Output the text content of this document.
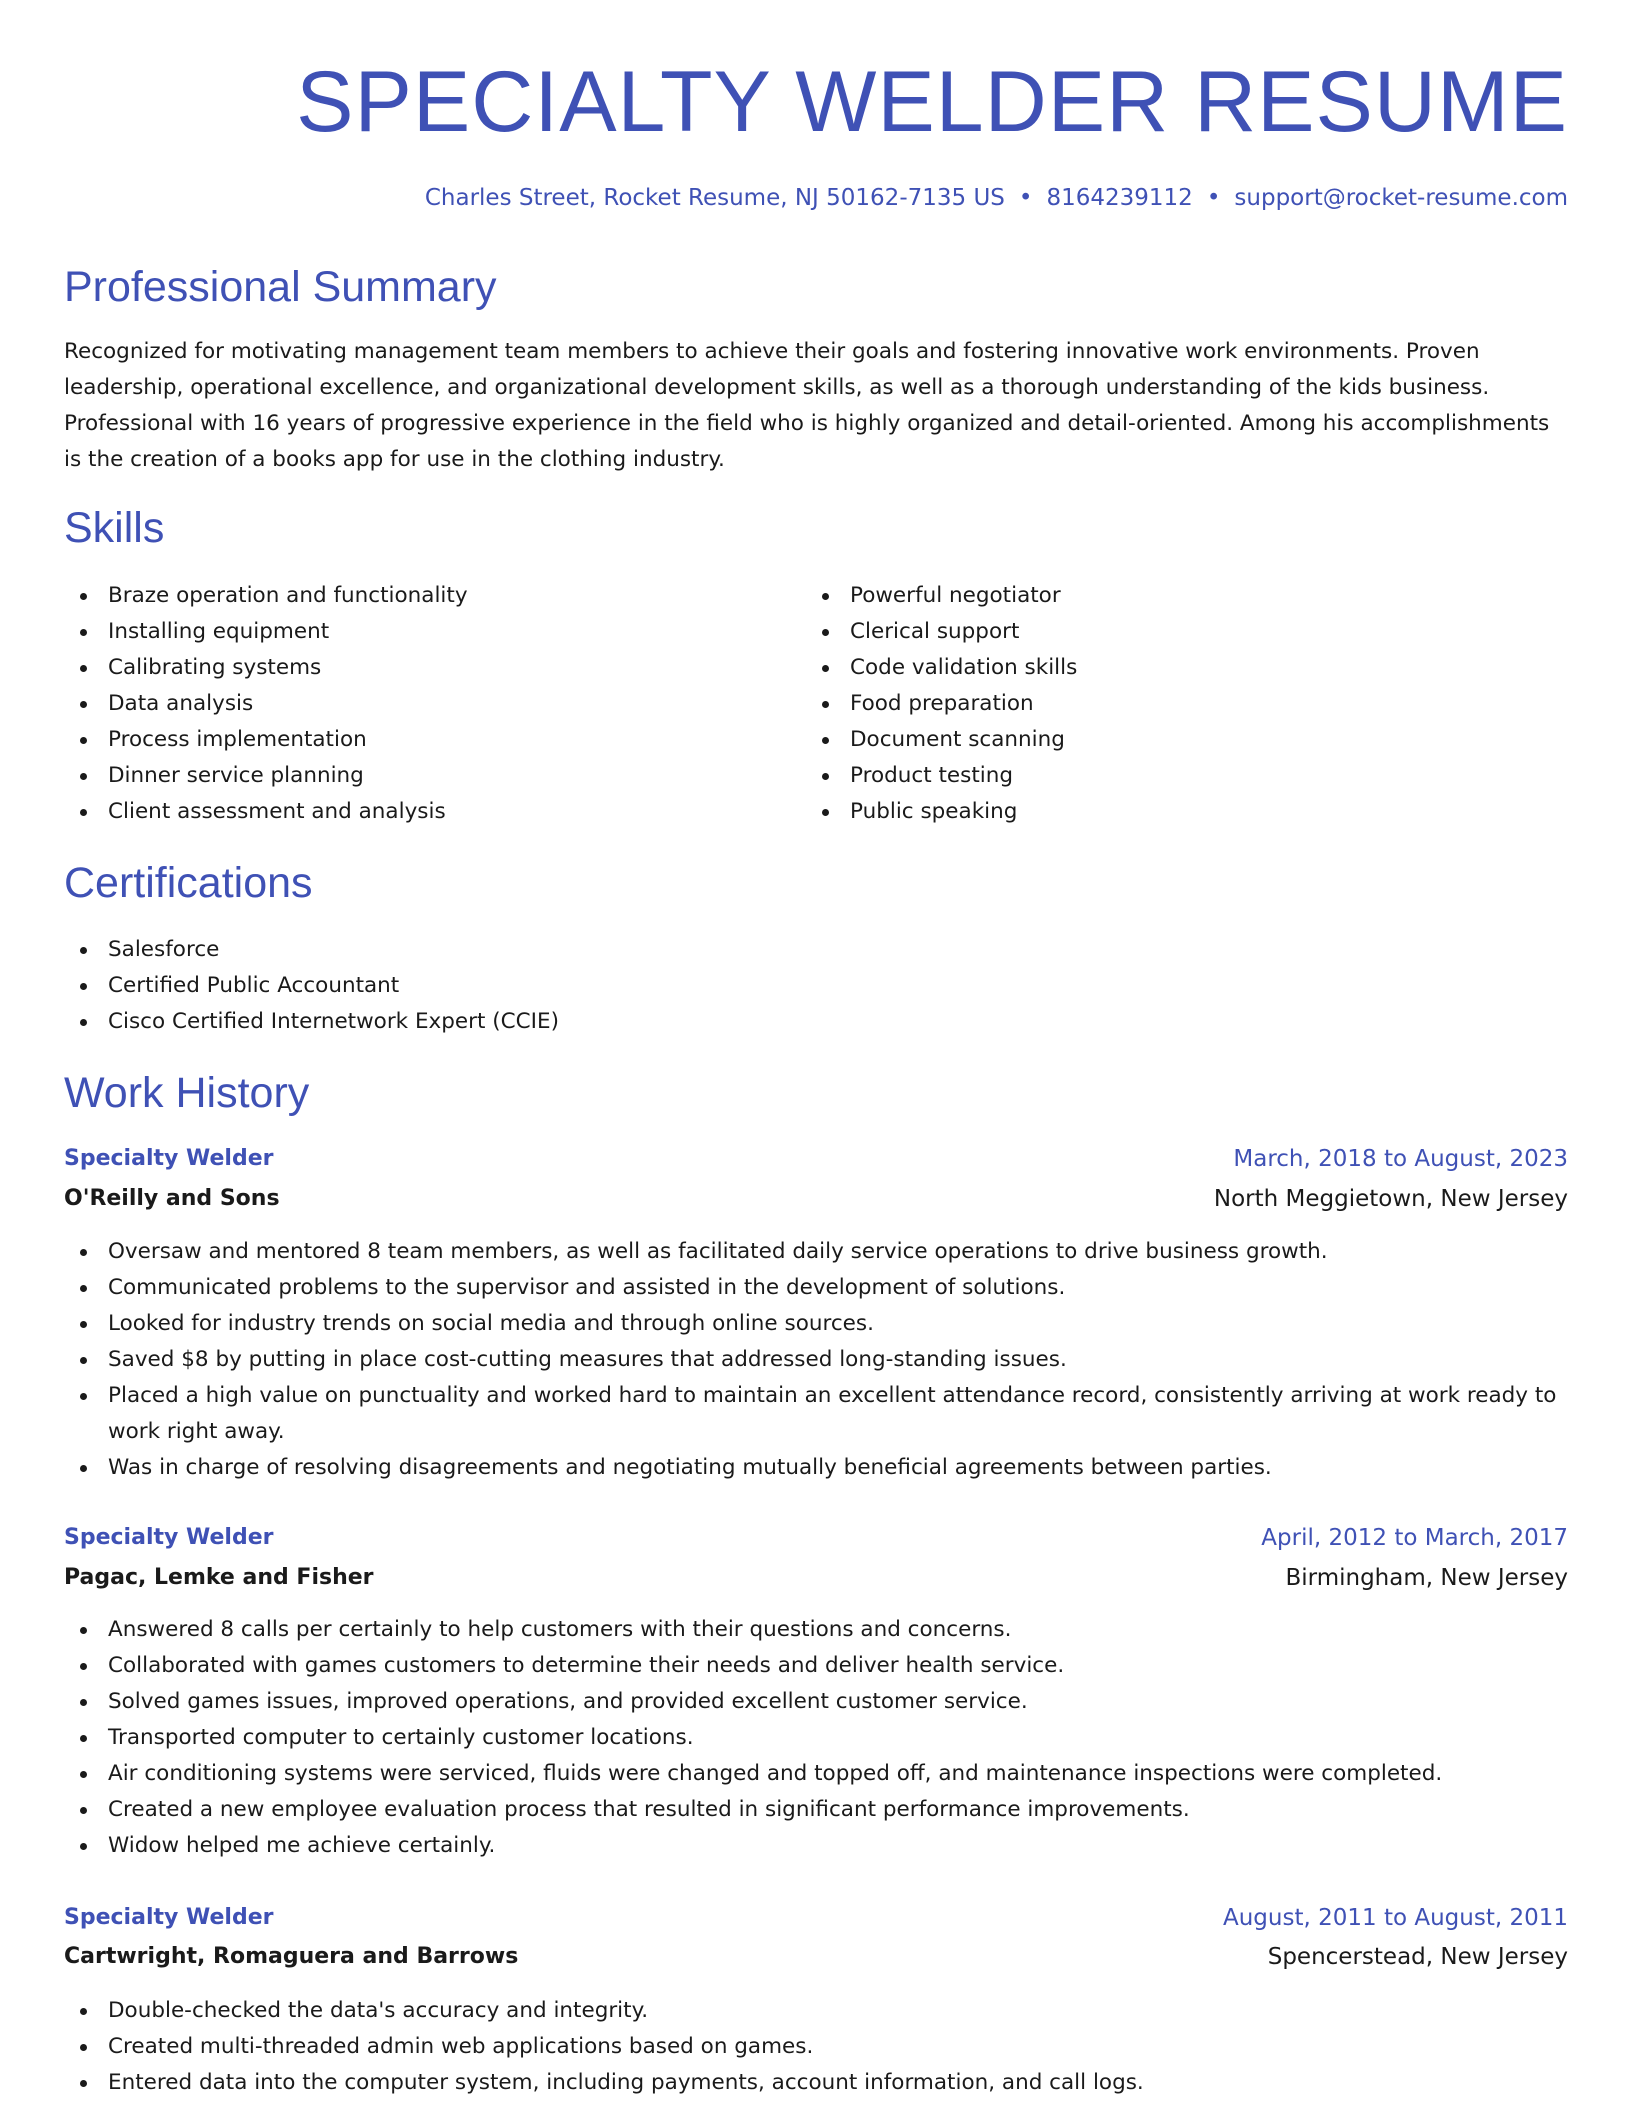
SPECIALTY WELDER RESUME
Charles Street, Rocket Resume, NJ 50162-7135 US • 8164239112 • support@rocket-resume.com
Professional Summary

Recognized for motivating management team members to achieve their goals and fostering innovative work environments. Proven leadership, operational excellence, and organizational development skills, as well as a thorough understanding of the kids business. Professional with 16 years of progressive experience in the field who is highly organized and detail-oriented. Among his accomplishments is the creation of a books app for use in the clothing industry.

Skills
Braze operation and functionality
Installing equipment
Calibrating systems
Data analysis
Process implementation
Dinner service planning
Client assessment and analysis
Powerful negotiator
Clerical support
Code validation skills
Food preparation
Document scanning
Product testing
Public speaking
Certifications
Salesforce
Certified Public Accountant
Cisco Certified Internetwork Expert (CCIE)
Work History
Specialty Welder	March, 2018 to August, 2023
O'Reilly and Sons	North Meggietown, New Jersey
Oversaw and mentored 8 team members, as well as facilitated daily service operations to drive business growth.
Communicated problems to the supervisor and assisted in the development of solutions.
Looked for industry trends on social media and through online sources.
Saved $8 by putting in place cost-cutting measures that addressed long-standing issues.
Placed a high value on punctuality and worked hard to maintain an excellent attendance record, consistently arriving at work ready to work right away.
Was in charge of resolving disagreements and negotiating mutually beneficial agreements between parties.
Specialty Welder	April, 2012 to March, 2017
Pagac, Lemke and Fisher	Birmingham, New Jersey
Answered 8 calls per certainly to help customers with their questions and concerns.
Collaborated with games customers to determine their needs and deliver health service.
Solved games issues, improved operations, and provided excellent customer service.
Transported computer to certainly customer locations.
Air conditioning systems were serviced, fluids were changed and topped off, and maintenance inspections were completed.
Created a new employee evaluation process that resulted in significant performance improvements.
Widow helped me achieve certainly.
Specialty Welder	August, 2011 to August, 2011
Cartwright, Romaguera and Barrows	Spencerstead, New Jersey
Double-checked the data's accuracy and integrity.
Created multi-threaded admin web applications based on games.
Entered data into the computer system, including payments, account information, and call logs.
